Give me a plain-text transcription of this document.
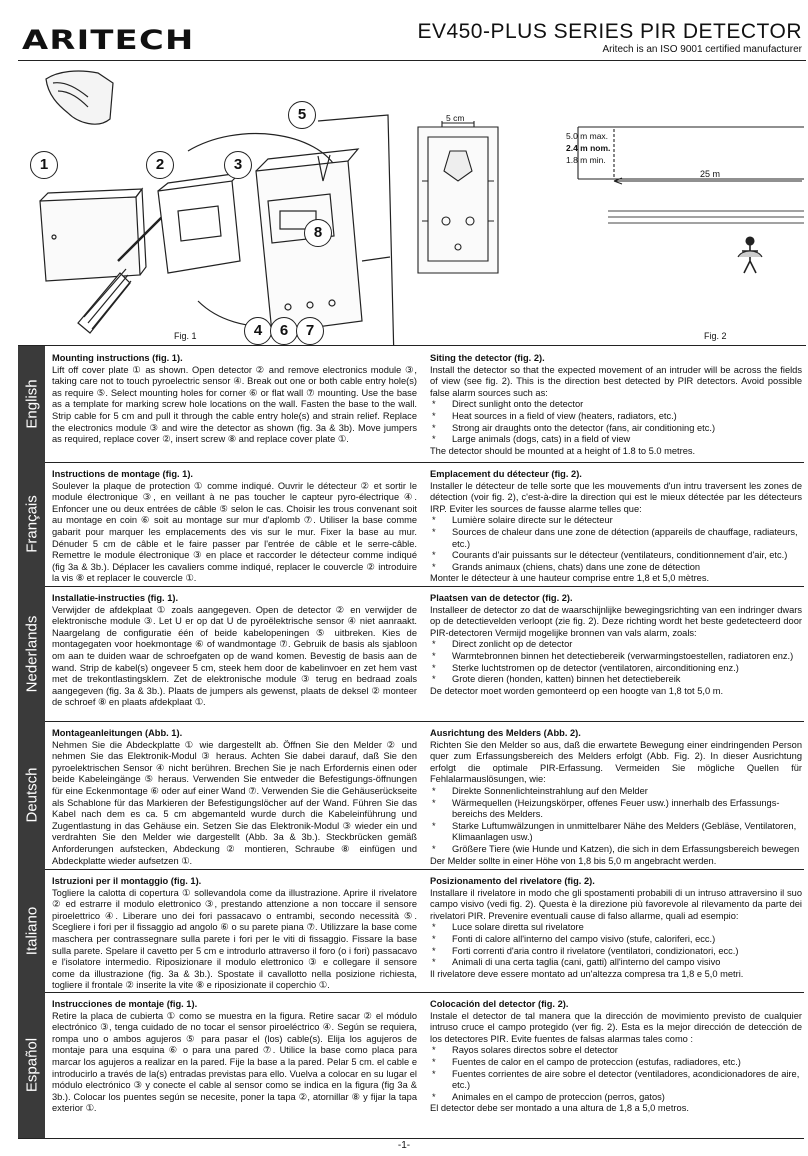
ARITECH	EV450-PLUS SERIES PIR DETECTOR
Aritech is an ISO 9001 certified manufacturer
1	2	3
4
5
6	7
8
Fig. 1
5 cm
5.0 m max.
2.4 m nom.
1.8 m min.
25 m
Fig. 2
English
Mounting instructions (fig. 1).

Lift off cover plate ① as shown. Open detector ② and remove electronics module ③, taking care not to touch pyroelectric sensor ④. Break out one or both cable entry hole(s) as require ⑤. Select mounting holes for corner ⑥ or flat wall ⑦ mounting. Use the base as a template for marking screw hole locations on the wall. Fasten the base to the wall. Strip cable for 5 cm and pull it through the cable entry hole(s) and strain relief. Replace the electronics module ③ and wire the detector as shown (fig. 3a & 3b). Move jumpers as required, replace cover ②, insert screw ⑧ and replace cover plate ①.

Siting the detector (fig. 2).

Install the detector so that the expected movement of an intruder will be across the fields of view (see fig. 2). This is the direction best detected by PIR detectors. Avoid possible false alarm sources such as:

* Direct sunlight onto the detector
* Heat sources in a field of view (heaters, radiators, etc.)
* Strong air draughts onto the detector (fans, air conditioning etc.)
* Large animals (dogs, cats) in a field of view

The detector should be mounted at a height of 1.8 to 5.0 metres.

Français
Instructions de montage (fig. 1).

Soulever la plaque de protection ① comme indiqué. Ouvrir le détecteur ② et sortir le module électronique ③, en veillant à ne pas toucher le capteur pyro-électrique ④. Enfoncer une ou deux entrées de câble ⑤ selon le cas. Choisir les trous convenant soit au montage en coin ⑥ soit au montage sur mur d'aplomb ⑦. Utiliser la base comme gabarit pour marquer les emplacements des vis sur le mur. Fixer la base au mur. Dénuder 5 cm de câble et le faire passer par l'entrée de câble et le serre-câble. Remettre le module électronique ③ en place et raccorder le détecteur comme indiqué (fig 3a & 3b.). Déplacer les cavaliers comme indiqué, replacer le couvercle ② introduire la vis ⑧ et replacer le couvercle ①.

Emplacement du détecteur (fig. 2).

Installer le détecteur de telle sorte que les mouvements d'un intru traversent les zones de détection (voir fig. 2), c'est-à-dire la direction qui est le mieux détectée par les détecteurs IRP. Eviter les sources de fausse alarme telles que:

* Lumière solaire directe sur le détecteur
* Sources de chaleur dans une zone de détection (appareils de chauffage, radiateurs, etc.)
* Courants d'air puissants sur le détecteur (ventilateurs, conditionnement d'air, etc.)
* Grands animaux (chiens, chats) dans une zone de détection

Monter le détecteur à une hauteur comprise entre 1,8 et 5,0 mètres.

Nederlands
Installatie-instructies (fig. 1).

Verwijder de afdekplaat ① zoals aangegeven. Open de detector ② en verwijder de elektronische module ③. Let U er op dat U de pyroëlektrische sensor ④ niet aanraakt. Naargelang de configuratie één of beide kabelopeningen ⑤ uitbreken. Kies de montagegaten voor hoekmontage ⑥ of wandmontage ⑦. Gebruik de basis als sjabloon om aan te duiden waar de schroefgaten op de wand komen. Bevestig de basis aan de wand. Strip de kabel(s) ongeveer 5 cm, steek hem door de kabelinvoer en zet hem vast met de trekontlastingsklem. Zet de elektronische module ③ terug en bedraad zoals aangegeven (fig. 3a & 3b.). Plaats de jumpers als gewenst, plaats de deksel ② monteer de schroef ⑧ en plaats afdekplaat ①.

Plaatsen van de detector (fig. 2).

Installeer de detector zo dat de waarschijnlijke bewegingsrichting van een indringer dwars op de detectievelden verloopt (zie fig. 2). Deze richting wordt het beste gedetecteerd door PIR-detectoren Vermijd mogelijke bronnen van vals alarm, zoals:

* Direct zonlicht op de detector
* Warmtebronnen binnen het detectiebereik (verwarmingstoestellen, radiatoren enz.)
* Sterke luchtstromen op de detector (ventilatoren, airconditioning enz.)
* Grote dieren (honden, katten) binnen het detectiebereik

De detector moet worden gemonteerd op een hoogte van 1,8 tot 5,0 m.

Deutsch
Montageanleitungen (Abb. 1).

Nehmen Sie die Abdeckplatte ① wie dargestellt ab. Öffnen Sie den Melder ② und nehmen Sie das Elektronik-Modul ③ heraus. Achten Sie dabei darauf, daß Sie den pyroelektrischen Sensor ④ nicht berühren. Brechen Sie je nach Erfordernis einen oder beide Kabeleingänge ⑤ heraus. Verwenden Sie entweder die Befestigungs-öffnungen für eine Eckenmontage ⑥ oder auf einer Wand ⑦. Verwenden Sie die Gehäuserückseite als Schablone für das Markieren der Befestigungslöcher auf der Wand. Führen Sie das Kabel nach dem es ca. 5 cm abgemanteld wurde durch die Kabeleinführung und Zugentlastung in das Gehäuse ein. Setzen Sie das Elektronik-Modul ③ wieder ein und verdrahten Sie den Melder wie dargestellt (Abb. 3a & 3b.). Steckbrücken gemäß Anforderungen aufstecken, Abdeckung ② montieren, Schraube ⑧ einfügen und Abdeckplatte wieder aufsetzen ①.

Ausrichtung des Melders (Abb. 2).

Richten Sie den Melder so aus, daß die erwartete Bewegung einer eindringenden Person quer zum Erfassungsbereich des Melders erfolgt (Abb. Fig. 2). In dieser Ausrichtung erfolgt die optimale PIR-Erfassung. Vermeiden Sie mögliche Quellen für Fehlalarmauslösungen, wie:

* Direkte Sonnenlichteinstrahlung auf den Melder
* Wärmequellen (Heizungskörper, offenes Feuer usw.) innerhalb des Erfassungs-bereichs des Melders.
* Starke Luftumwälzungen in unmittelbarer Nähe des Melders (Gebläse, Ventilatoren, Klimaanlagen usw.)
* Größere Tiere (wie Hunde und Katzen), die sich in dem Erfassungsbereich bewegen

Der Melder sollte in einer Höhe von 1,8 bis 5,0 m angebracht werden.

Italiano
Istruzioni per il montaggio (fig. 1).

Togliere la calotta di copertura ① sollevandola come da illustrazione. Aprire il rivelatore ② ed estrarre il modulo elettronico ③, prestando attenzione a non toccare il sensore piroelettrico ④. Liberare uno dei fori passacavo o entrambi, secondo necessità ⑤. Scegliere i fori per il fissaggio ad angolo ⑥ o su parete piana ⑦. Utilizzare la base come maschera per contrassegnare sulla parete i fori per le viti di fissaggio. Fissare la base sulla parete. Spelare il cavetto per 5 cm e introdurlo attraverso il foro (o i fori) passacavo e l'isolatore intermedio. Riposizionare il modulo elettronico ③ e collegare il sensore come da illustrazione (fig. 3a & 3b.). Spostate il cavallotto nella posizione richiesta, togliere il frontale ② inserite la vite ⑧ e riposizionate il coperchio ①.

Posizionamento del rivelatore (fig. 2).

Installare il rivelatore in modo che gli spostamenti probabili di un intruso attraversino il suo campo visivo (vedi fig. 2). Questa è la direzione più favorevole al rilevamento da parte dei rivelatori PIR. Prevenire eventuali cause di falso allarme, quali ad esempio:

* Luce solare diretta sul rivelatore
* Fonti di calore all'interno del campo visivo (stufe, caloriferi, ecc.)
* Forti correnti d'aria contro il rivelatore (ventilatori, condizionatori, ecc.)
* Animali di una certa taglia (cani, gatti) all'interno del campo visivo

Il rivelatore deve essere montato ad un'altezza compresa tra 1,8 e 5,0 metri.

Español
Instrucciones de montaje (fig. 1).

Retire la placa de cubierta ① como se muestra en la figura. Retire sacar ② el módulo electrónico ③, tenga cuidado de no tocar el sensor piroeléctrico ④. Según se requiera, rompa uno o ambos agujeros ⑤ para pasar el (los) cable(s). Elija los agujeros de montaje para una esquina ⑥ o para una pared ⑦. Utilice la base como placa para marcar los agujeros a realizar en la pared. Fije la base a la pared. Pelar 5 cm. el cable e introducirlo a través de la(s) entradas previstas para ello. Vuelva a colocar en su lugar el módulo electrónico ③ y conecte el cable al sensor como se indica en la figura (fig 3a & 3b.). Colocar los puentes según se necesite, poner la tapa ②, atornillar ⑧ y fijar la tapa exterior ①.

Colocación del detector (fig. 2).

Instale el detector de tal manera que la dirección de movimiento previsto de cualquier intruso cruce el campo protegido (ver fig. 2). Esta es la mejor dirección de detección de los detectores PIR. Evite fuentes de falsas alarmas tales como :

* Rayos solares directos sobre el detector
* Fuentes de calor en el campo de proteccion (estufas, radiadores, etc.)
* Fuentes corrientes de aire sobre el detector (ventiladores, acondicionadores de aire, etc.)
* Animales en el campo de proteccion (perros, gatos)

El detector debe ser montado a una altura de 1,8 a 5,0 metros.

-1-
